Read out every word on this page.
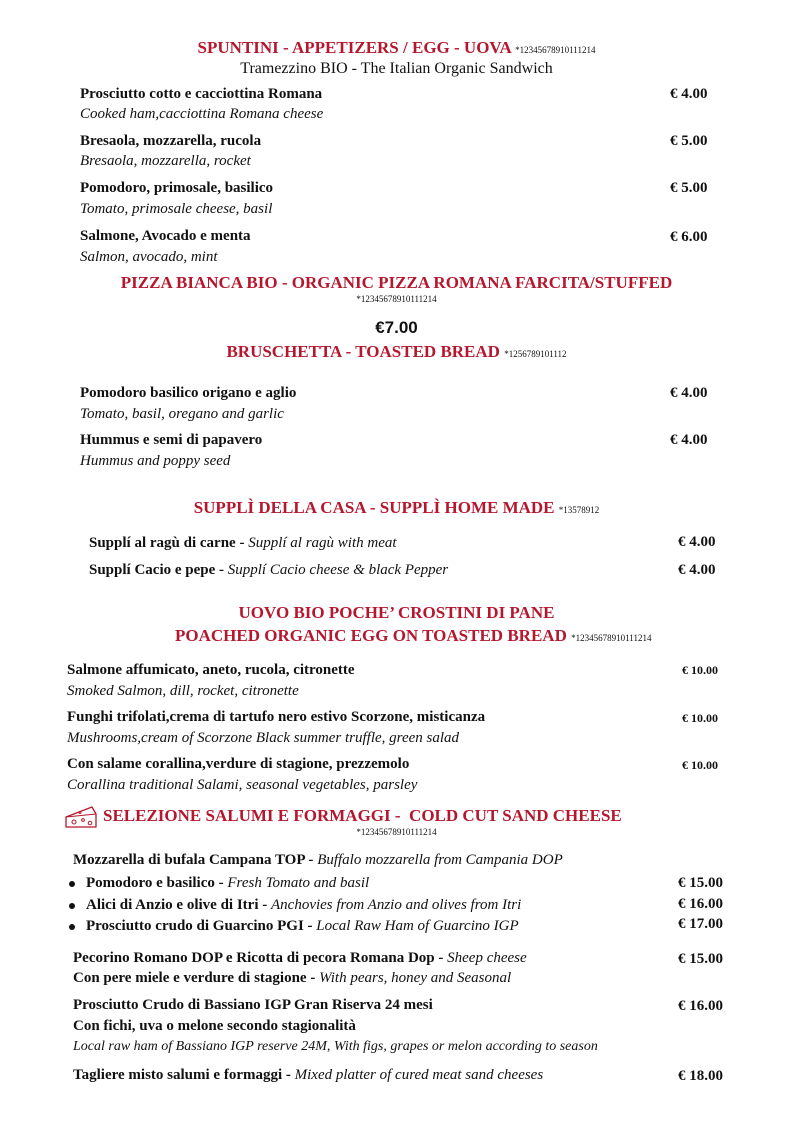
SPUNTINI - APPETIZERS / EGG - UOVA *12345678910111214
Tramezzino BIO - The Italian Organic Sandwich
Prosciutto cotto e cacciottina Romana
Cooked ham,cacciottina Romana cheese
€ 4.00
Bresaola, mozzarella, rucola
Bresaola, mozzarella, rocket
€ 5.00
Pomodoro, primosale, basilico
Tomato, primosale cheese, basil
€ 5.00
Salmone, Avocado e menta
Salmon, avocado, mint
€ 6.00
PIZZA BIANCA BIO - ORGANIC PIZZA ROMANA FARCITA/STUFFED
*12345678910111214
€7.00
BRUSCHETTA - TOASTED BREAD *1256789101112
Pomodoro basilico origano e aglio
Tomato, basil, oregano and garlic
€ 4.00
Hummus e semi di papavero
Hummus and poppy seed
€ 4.00
SUPPLÌ DELLA CASA - SUPPLÌ HOME MADE *13578912
Supplí al ragù di carne - Supplí al ragù with meat	€ 4.00
Supplí Cacio e pepe - Supplí Cacio cheese & black Pepper	€ 4.00
UOVO BIO POCHE’ CROSTINI DI PANE
POACHED ORGANIC EGG ON TOASTED BREAD *12345678910111214
Salmone affumicato, aneto, rucola, citronette
Smoked Salmon, dill, rocket, citronette
€ 10.00
Funghi trifolati,crema di tartufo nero estivo Scorzone, misticanza
Mushrooms,cream of Scorzone Black summer truffle, green salad
€ 10.00
Con salame corallina,verdure di stagione, prezzemolo
Corallina traditional Salami, seasonal vegetables, parsley
€ 10.00
SELEZIONE SALUMI E FORMAGGI -  COLD CUT SAND CHEESE
*12345678910111214
Mozzarella di bufala Campana TOP - Buffalo mozzarella from Campania DOP
Pomodoro e basilico - Fresh Tomato and basil	€ 15.00
Alici di Anzio e olive di Itri - Anchovies from Anzio and olives from Itri	€ 16.00
Prosciutto crudo di Guarcino PGI - Local Raw Ham of Guarcino IGP	€ 17.00
Pecorino Romano DOP e Ricotta di pecora Romana Dop - Sheep cheese
Con pere miele e verdure di stagione - With pears, honey and Seasonal
€ 15.00
Prosciutto Crudo di Bassiano IGP Gran Riserva 24 mesi
Con fichi, uva o melone secondo stagionalità
Local raw ham of Bassiano IGP reserve 24M, With figs, grapes or melon according to season
€ 16.00
Tagliere misto salumi e formaggi - Mixed platter of cured meat sand cheeses	€ 18.00
